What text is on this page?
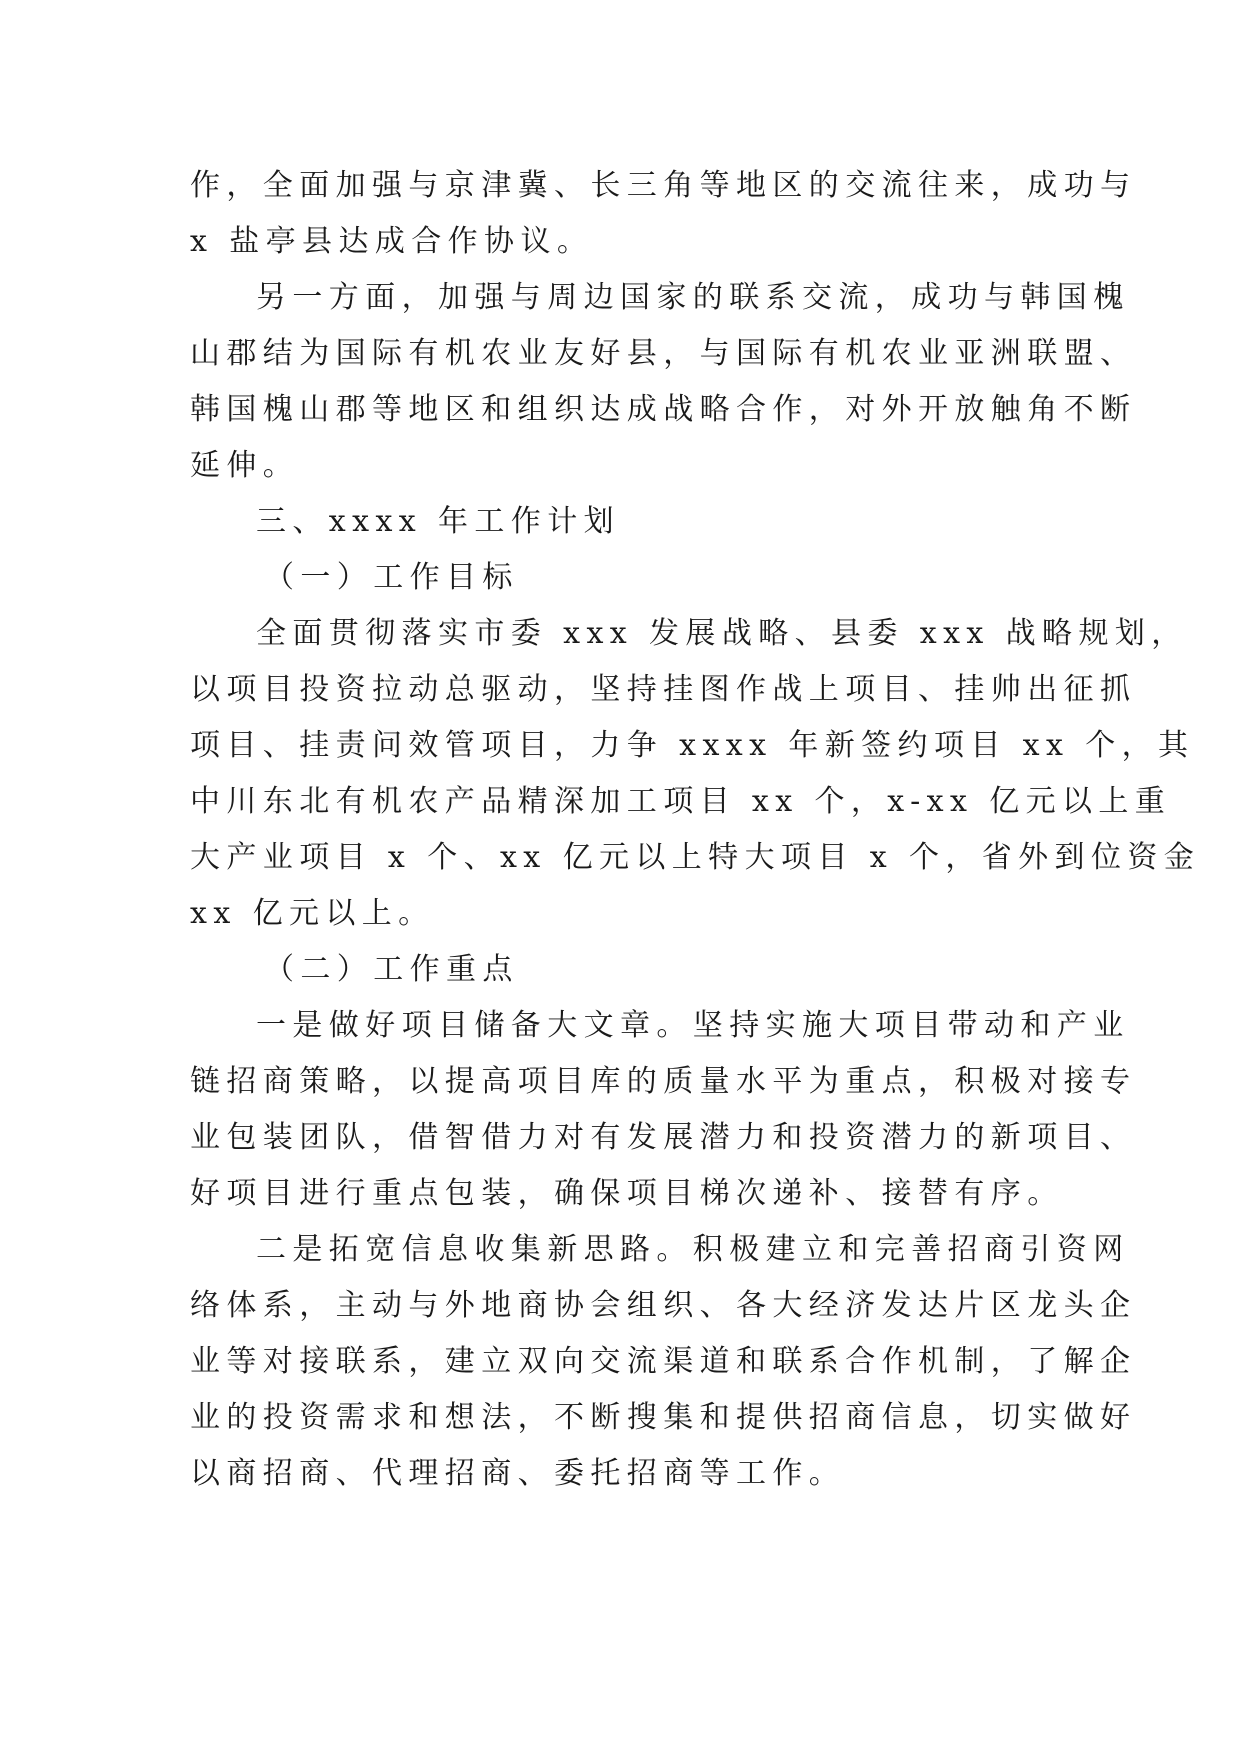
作，全面加强与京津冀、长三角等地区的交流往来，成功与
x 盐亭县达成合作协议。
另一方面，加强与周边国家的联系交流，成功与韩国槐
山郡结为国际有机农业友好县，与国际有机农业亚洲联盟、
韩国槐山郡等地区和组织达成战略合作，对外开放触角不断
延伸。
三、xxxx 年工作计划
（一）工作目标
全面贯彻落实市委 xxx 发展战略、县委 xxx 战略规划，
以项目投资拉动总驱动，坚持挂图作战上项目、挂帅出征抓
项目、挂责问效管项目，力争 xxxx 年新签约项目 xx 个，其
中川东北有机农产品精深加工项目 xx 个，x-xx 亿元以上重
大产业项目 x 个、xx 亿元以上特大项目 x 个，省外到位资金
xx 亿元以上。
（二）工作重点
一是做好项目储备大文章。坚持实施大项目带动和产业
链招商策略，以提高项目库的质量水平为重点，积极对接专
业包装团队，借智借力对有发展潜力和投资潜力的新项目、
好项目进行重点包装，确保项目梯次递补、接替有序。
二是拓宽信息收集新思路。积极建立和完善招商引资网
络体系，主动与外地商协会组织、各大经济发达片区龙头企
业等对接联系，建立双向交流渠道和联系合作机制，了解企
业的投资需求和想法，不断搜集和提供招商信息，切实做好
以商招商、代理招商、委托招商等工作。
